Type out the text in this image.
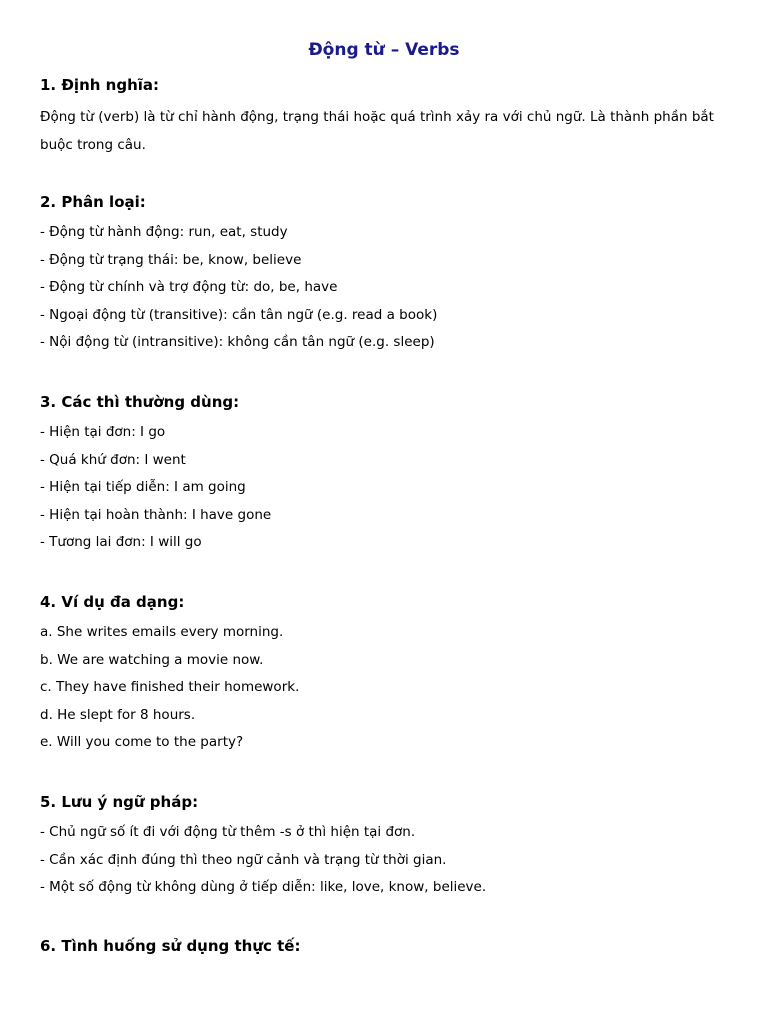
Động từ – Verbs

1. Định nghĩa:

Động từ (verb) là từ chỉ hành động, trạng thái hoặc quá trình xảy ra với chủ ngữ. Là thành phần bắt buộc trong câu.

2. Phân loại:

- Động từ hành động: run, eat, study

- Động từ trạng thái: be, know, believe

- Động từ chính và trợ động từ: do, be, have

- Ngoại động từ (transitive): cần tân ngữ (e.g. read a book)

- Nội động từ (intransitive): không cần tân ngữ (e.g. sleep)

3. Các thì thường dùng:

- Hiện tại đơn: I go

- Quá khứ đơn: I went

- Hiện tại tiếp diễn: I am going

- Hiện tại hoàn thành: I have gone

- Tương lai đơn: I will go

4. Ví dụ đa dạng:

a. She writes emails every morning.

b. We are watching a movie now.

c. They have finished their homework.

d. He slept for 8 hours.

e. Will you come to the party?

5. Lưu ý ngữ pháp:

- Chủ ngữ số ít đi với động từ thêm -s ở thì hiện tại đơn.

- Cần xác định đúng thì theo ngữ cảnh và trạng từ thời gian.

- Một số động từ không dùng ở tiếp diễn: like, love, know, believe.

6. Tình huống sử dụng thực tế:
